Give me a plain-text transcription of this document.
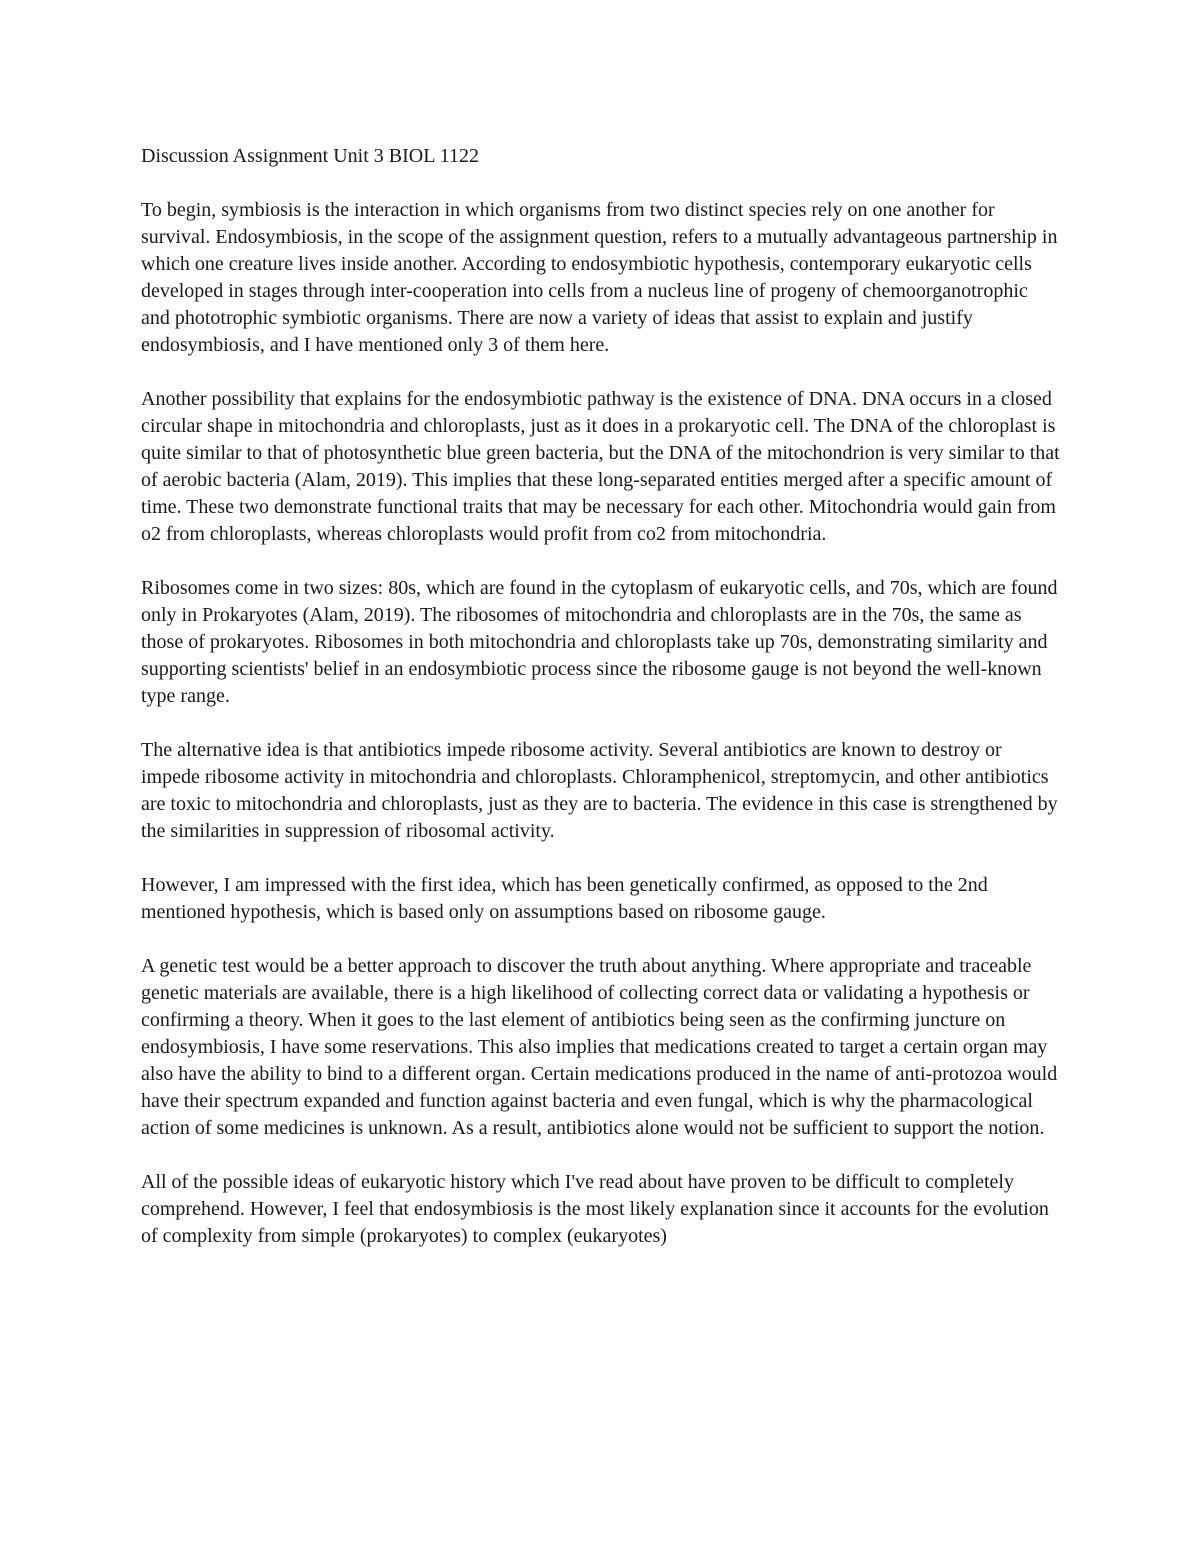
Discussion Assignment Unit 3 BIOL 1122

To begin, symbiosis is the interaction in which organisms from two distinct species rely on one another for survival. Endosymbiosis, in the scope of the assignment question, refers to a mutually advantageous partnership in which one creature lives inside another. According to endosymbiotic hypothesis, contemporary eukaryotic cells developed in stages through inter-cooperation into cells from a nucleus line of progeny of chemoorganotrophic and phototrophic symbiotic organisms. There are now a variety of ideas that assist to explain and justify endosymbiosis, and I have mentioned only 3 of them here.

Another possibility that explains for the endosymbiotic pathway is the existence of DNA. DNA occurs in a closed circular shape in mitochondria and chloroplasts, just as it does in a prokaryotic cell. The DNA of the chloroplast is quite similar to that of photosynthetic blue green bacteria, but the DNA of the mitochondrion is very similar to that of aerobic bacteria (Alam, 2019). This implies that these long-separated entities merged after a specific amount of time. These two demonstrate functional traits that may be necessary for each other. Mitochondria would gain from o2 from chloroplasts, whereas chloroplasts would profit from co2 from mitochondria.

Ribosomes come in two sizes: 80s, which are found in the cytoplasm of eukaryotic cells, and 70s, which are found only in Prokaryotes (Alam, 2019). The ribosomes of mitochondria and chloroplasts are in the 70s, the same as those of prokaryotes. Ribosomes in both mitochondria and chloroplasts take up 70s, demonstrating similarity and supporting scientists' belief in an endosymbiotic process since the ribosome gauge is not beyond the well-known type range.

The alternative idea is that antibiotics impede ribosome activity. Several antibiotics are known to destroy or impede ribosome activity in mitochondria and chloroplasts. Chloramphenicol, streptomycin, and other antibiotics are toxic to mitochondria and chloroplasts, just as they are to bacteria. The evidence in this case is strengthened by the similarities in suppression of ribosomal activity.

However, I am impressed with the first idea, which has been genetically confirmed, as opposed to the 2nd mentioned hypothesis, which is based only on assumptions based on ribosome gauge.

A genetic test would be a better approach to discover the truth about anything. Where appropriate and traceable genetic materials are available, there is a high likelihood of collecting correct data or validating a hypothesis or confirming a theory. When it goes to the last element of antibiotics being seen as the confirming juncture on endosymbiosis, I have some reservations. This also implies that medications created to target a certain organ may also have the ability to bind to a different organ. Certain medications produced in the name of anti-protozoa would have their spectrum expanded and function against bacteria and even fungal, which is why the pharmacological action of some medicines is unknown. As a result, antibiotics alone would not be sufficient to support the notion.

All of the possible ideas of eukaryotic history which I've read about have proven to be difficult to completely comprehend. However, I feel that endosymbiosis is the most likely explanation since it accounts for the evolution of complexity from simple (prokaryotes) to complex (eukaryotes)
